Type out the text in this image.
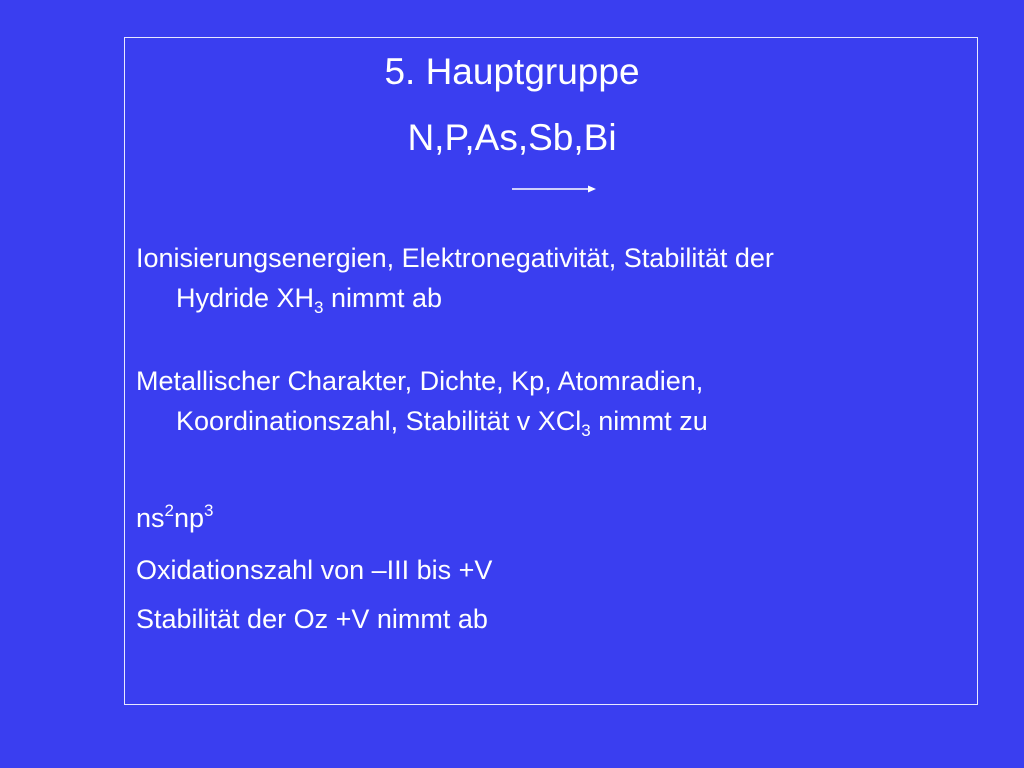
5. Hauptgruppe
N,P,As,Sb,Bi
Ionisierungsenergien, Elektronegativität, Stabilität der
Hydride $XH_3$ nimmt ab
Metallischer Charakter, Dichte, Kp, Atomradien,
Koordinationszahl, Stabilität v XCl$_3$ nimmt zu
$ns^2np^3$
Oxidationszahl von –III bis +V
Stabilität der Oz +V nimmt ab
